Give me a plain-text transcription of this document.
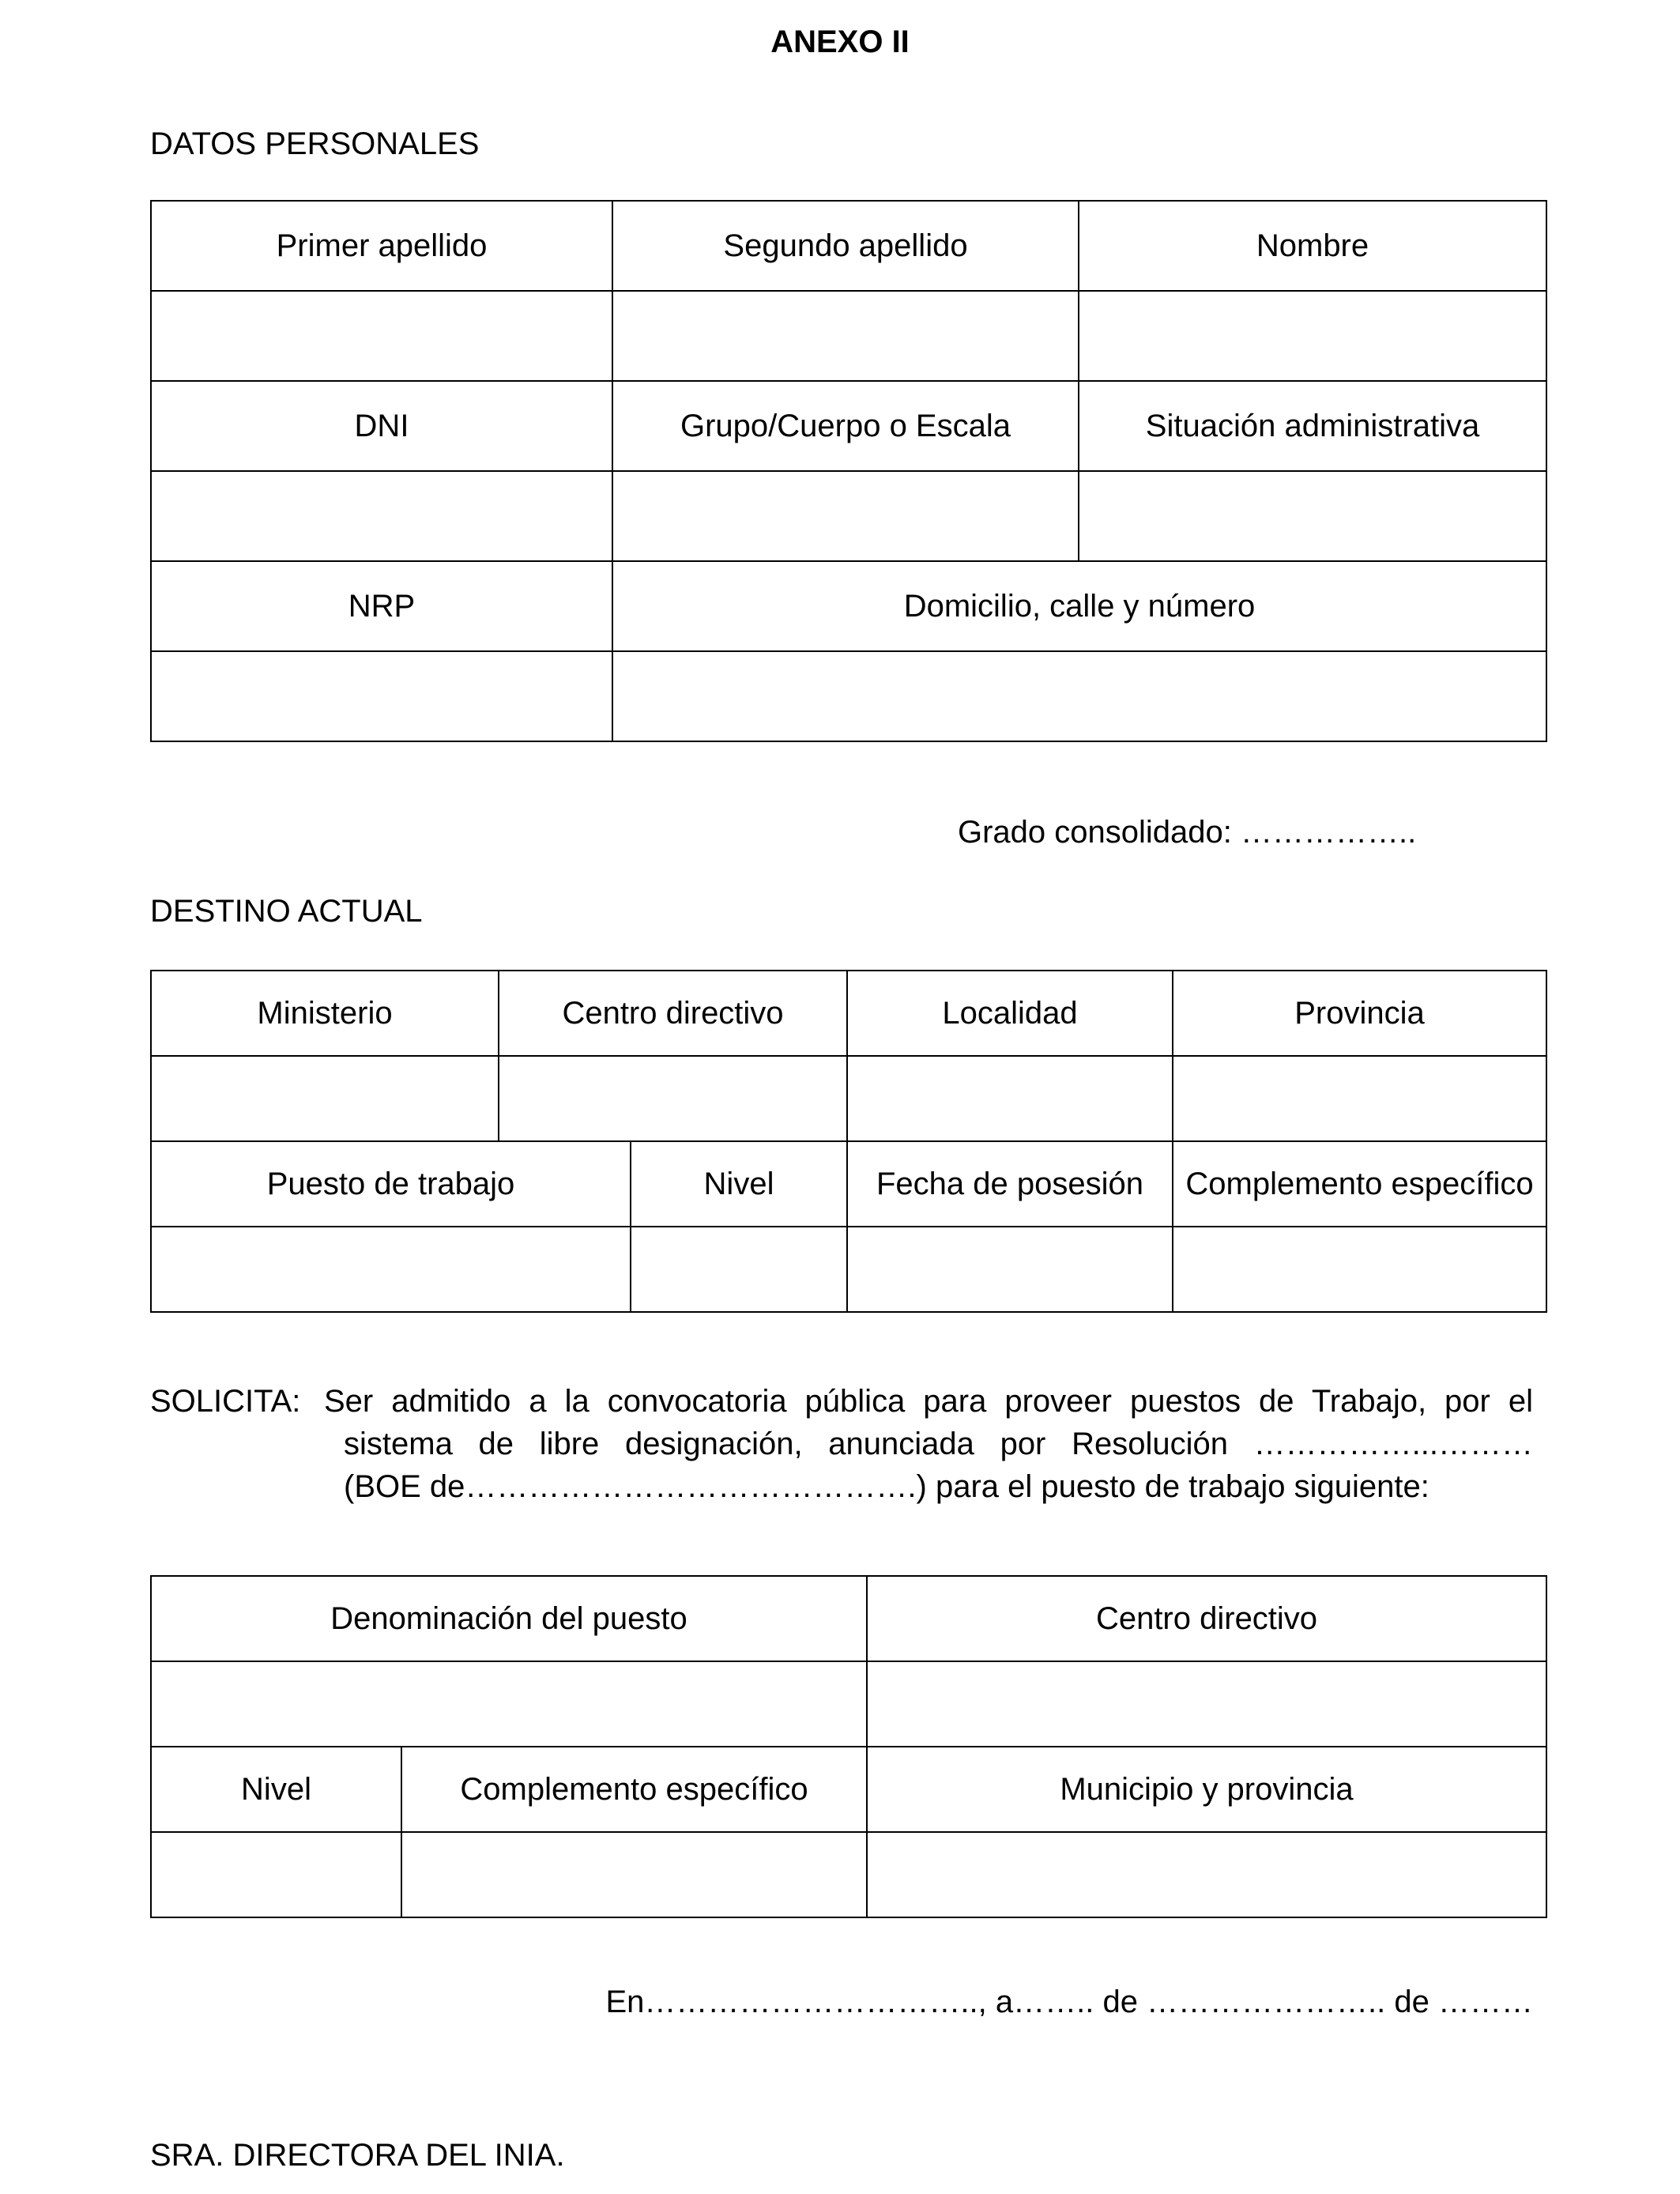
ANEXO II
DATOS PERSONALES
Primer apellido	Segundo apellido	Nombre

DNI	Grupo/Cuerpo o Escala	Situación administrativa

NRP	Domicilio, calle y número	

Grado consolidado: ……………..
DESTINO ACTUAL
Ministerio	Centro directivo		Localidad	Provincia

Puesto de trabajo		Nivel	Fecha de posesión	Complemento específico

SOLICITA: Ser admitido a la convocatoria pública para proveer puestos de Trabajo, por el
sistema de libre designación, anunciada por Resolución ……………...………
(BOE de…………………………………….) para el puesto de trabajo siguiente:
Denominación del puesto		Centro directivo

Nivel	Complemento específico	Municipio y provincia

En………………………….., a…….. de ………………….. de ………
SRA. DIRECTORA DEL INIA.
